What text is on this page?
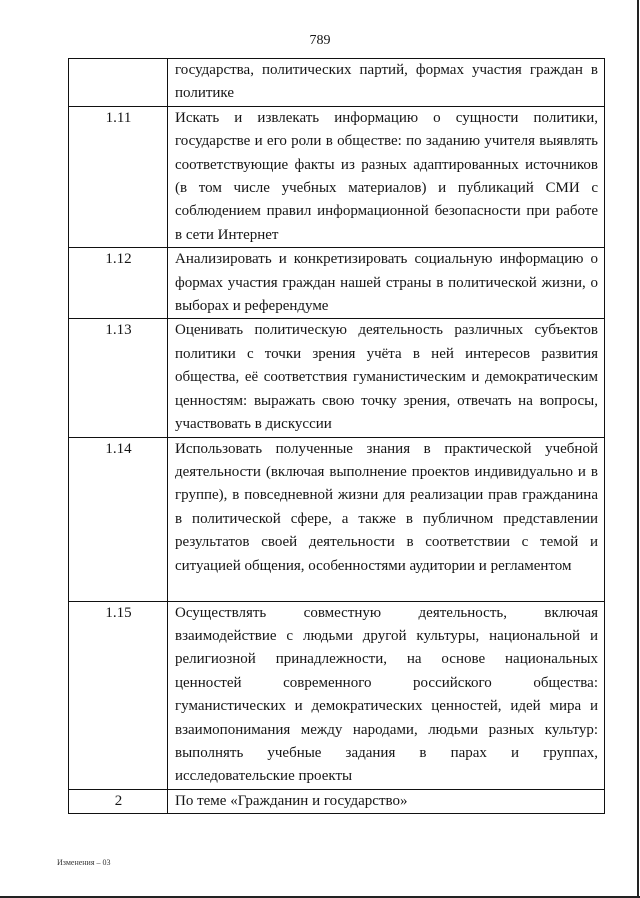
789
	государства, политических партий, формах участия граждан в политике
1.11	Искать и извлекать информацию о сущности политики, государстве и его роли в обществе: по заданию учителя выявлять соответствующие факты из разных адаптированных источников (в том числе учебных материалов) и публикаций СМИ с соблюдением правил информационной безопасности при работе в сети Интернет
1.12	Анализировать и конкретизировать социальную информацию о формах участия граждан нашей страны в политической жизни, о выборах и референдуме
1.13	Оценивать политическую деятельность различных субъектов политики с точки зрения учёта в ней интересов развития общества, её соответствия гуманистическим и демократическим ценностям: выражать свою точку зрения, отвечать на вопросы, участвовать в дискуссии
1.14	Использовать полученные знания в практической учебной деятельности (включая выполнение проектов индивидуально и в группе), в повседневной жизни для реализации прав гражданина в политической сфере, а также в публичном представлении результатов своей деятельности в соответствии с темой и ситуацией общения, особенностями аудитории и регламентом
1.15	Осуществлять совместную деятельность, включая взаимодействие с людьми другой культуры, национальной и религиозной принадлежности, на основе национальных ценностей современного российского общества: гуманистических и демократических ценностей, идей мира и взаимопонимания между народами, людьми разных культур: выполнять учебные задания в парах и группах, исследовательские проекты
2	По теме «Гражданин и государство»
Изменения – 03
